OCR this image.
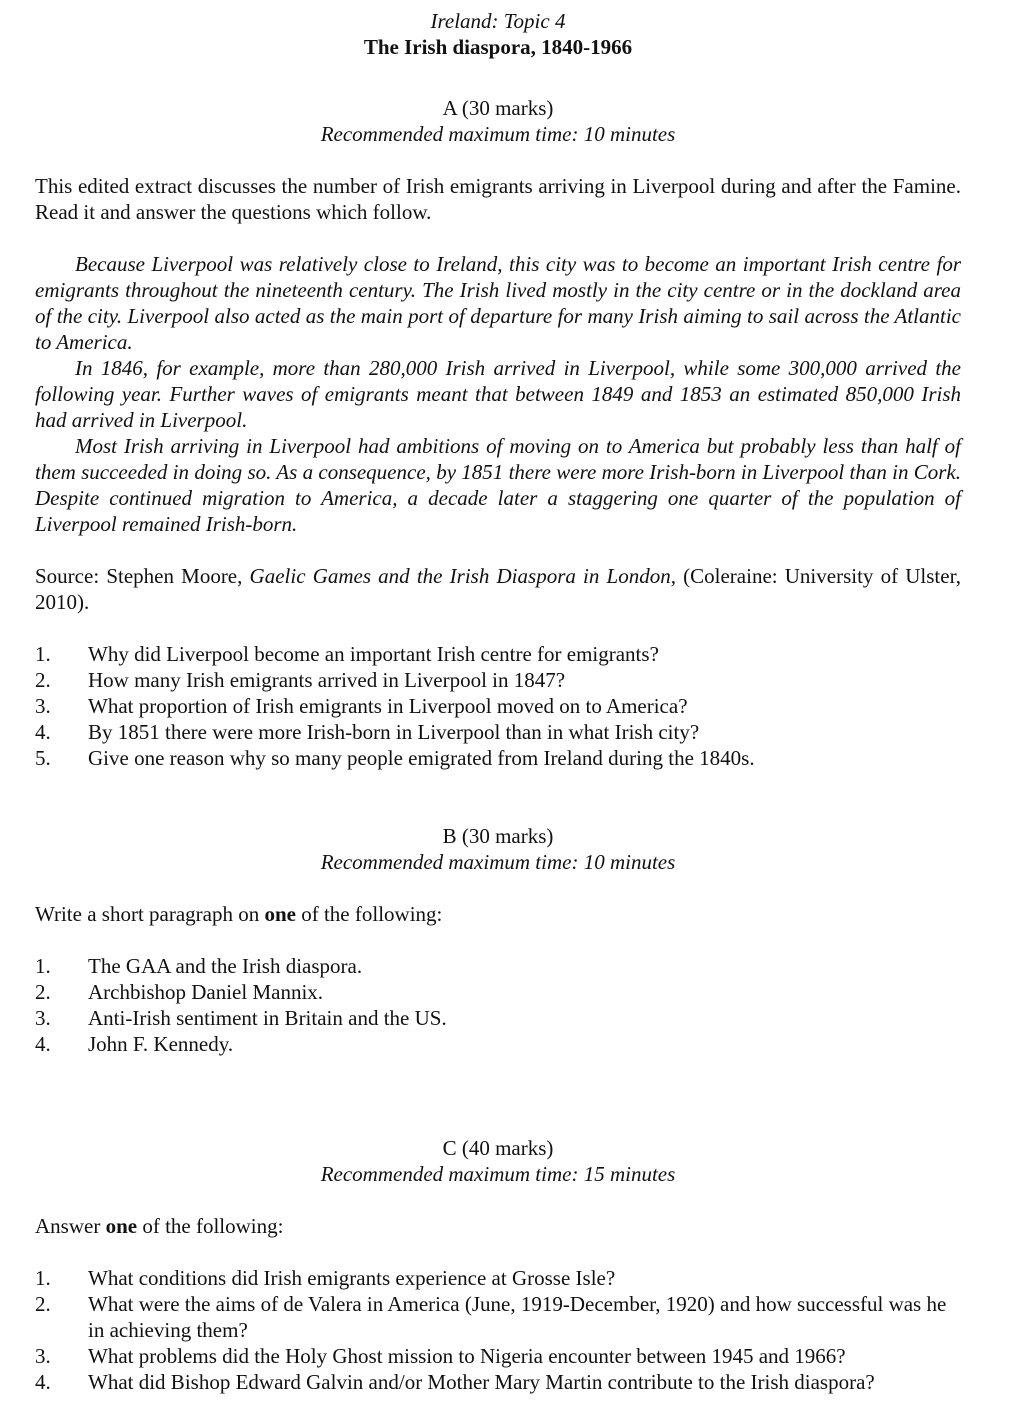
Ireland: Topic 4

The Irish diaspora, 1840-1966

A (30 marks)

Recommended maximum time: 10 minutes

This edited extract discusses the number of Irish emigrants arriving in Liverpool during and after the Famine. Read it and answer the questions which follow.

Because Liverpool was relatively close to Ireland, this city was to become an important Irish centre for emigrants throughout the nineteenth century. The Irish lived mostly in the city centre or in the dockland area of the city. Liverpool also acted as the main port of departure for many Irish aiming to sail across the Atlantic to America.

In 1846, for example, more than 280,000 Irish arrived in Liverpool, while some 300,000 arrived the following year. Further waves of emigrants meant that between 1849 and 1853 an estimated 850,000 Irish had arrived in Liverpool.

Most Irish arriving in Liverpool had ambitions of moving on to America but probably less than half of them succeeded in doing so. As a consequence, by 1851 there were more Irish-born in Liverpool than in Cork. Despite continued migration to America, a decade later a staggering one quarter of the population of Liverpool remained Irish-born.

Source: Stephen Moore, Gaelic Games and the Irish Diaspora in London, (Coleraine: University of Ulster, 2010).

1.	Why did Liverpool become an important Irish centre for emigrants?
2.	How many Irish emigrants arrived in Liverpool in 1847?
3.	What proportion of Irish emigrants in Liverpool moved on to America?
4.	By 1851 there were more Irish-born in Liverpool than in what Irish city?
5.	Give one reason why so many people emigrated from Ireland during the 1840s.

B (30 marks)

Recommended maximum time: 10 minutes

Write a short paragraph on one of the following:

1.	The GAA and the Irish diaspora.
2.	Archbishop Daniel Mannix.
3.	Anti-Irish sentiment in Britain and the US.
4.	John F. Kennedy.

C (40 marks)

Recommended maximum time: 15 minutes

Answer one of the following:

1.	What conditions did Irish emigrants experience at Grosse Isle?
2.	What were the aims of de Valera in America (June, 1919-December, 1920) and how successful was he in achieving them?
3.	What problems did the Holy Ghost mission to Nigeria encounter between 1945 and 1966?
4.	What did Bishop Edward Galvin and/or Mother Mary Martin contribute to the Irish diaspora?
